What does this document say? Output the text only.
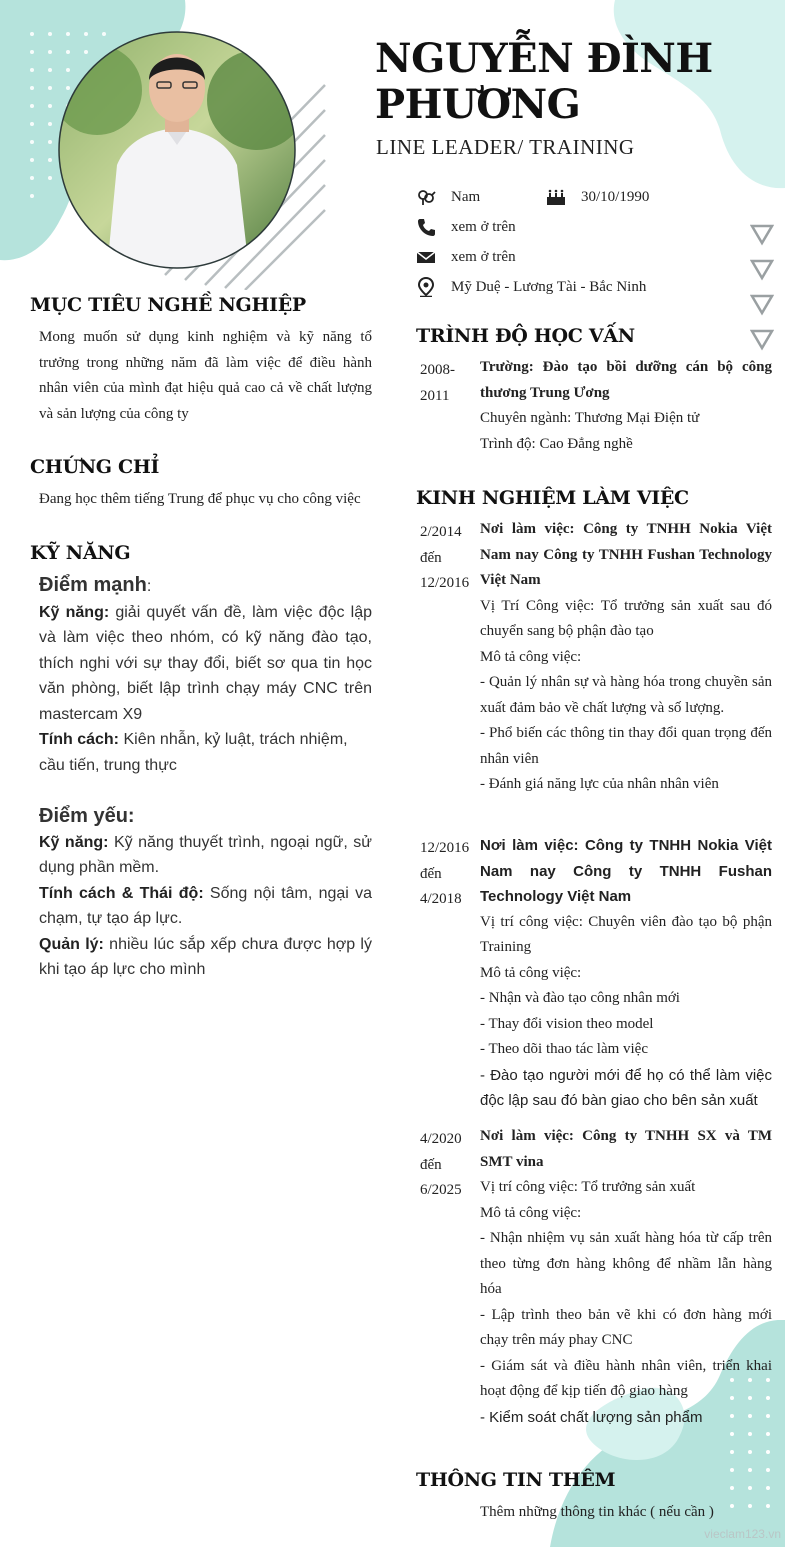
NGUYỄN ĐÌNH
PHƯƠNG
LINE LEADER/ TRAINING
Nam	30/10/1990
xem ở trên
xem ở trên
Mỹ Duệ - Lương Tài - Bắc Ninh
MỤC TIÊU NGHỀ NGHIỆP
Mong muốn sử dụng kinh nghiệm và kỹ năng tổ trưởng trong những năm đã làm việc để điều hành nhân viên của mình đạt hiệu quả cao cả về chất lượng và sản lượng của công ty
CHỨNG CHỈ
Đang học thêm tiếng Trung để phục vụ cho công việc
KỸ NĂNG
Điểm mạnh:
Kỹ năng: giải quyết vấn đề, làm việc độc lập và làm việc theo nhóm, có kỹ năng đào tạo, thích nghi với sự thay đổi, biết sơ qua tin học văn phòng, biết lập trình chạy máy CNC trên mastercam X9
Tính cách: Kiên nhẫn, kỷ luật, trách nhiệm,
cầu tiến, trung thực
Điểm yếu:
Kỹ năng: Kỹ năng thuyết trình, ngoại ngữ, sử dụng phần mềm.
Tính cách & Thái độ: Sống nội tâm, ngại va chạm, tự tạo áp lực.
Quản lý: nhiều lúc sắp xếp chưa được hợp lý khi tạo áp lực cho mình
TRÌNH ĐỘ HỌC VẤN
2008-
2011

Trường: Đào tạo bồi dưỡng cán bộ công thương Trung Ương

Chuyên ngành: Thương Mại Điện tử

Trình độ: Cao Đẳng nghề

KINH NGHIỆM LÀM VIỆC
2/2014
đến
12/2016

Nơi làm việc: Công ty TNHH Nokia Việt Nam nay Công ty TNHH Fushan Technology Việt Nam

Vị Trí Công việc: Tổ trưởng sản xuất sau đó chuyển sang bộ phận đào tạo

Mô tả công việc:

- Quản lý nhân sự và hàng hóa trong chuyền sản xuất đảm bảo về chất lượng và số lượng.

- Phổ biến các thông tin thay đổi quan trọng đến nhân viên

- Đánh giá năng lực của nhân nhân viên

12/2016
đến
4/2018

Nơi làm việc: Công ty TNHH Nokia Việt Nam nay Công ty TNHH Fushan Technology Việt Nam

Vị trí công việc: Chuyên viên đào tạo bộ phận Training

Mô tả công việc:

- Nhận và đào tạo công nhân mới

- Thay đổi vision theo model

- Theo dõi thao tác làm việc

- Đào tạo người mới để họ có thể làm việc độc lập sau đó bàn giao cho bên sản xuất

4/2020
đến
6/2025

Nơi làm việc: Công ty TNHH SX và TM SMT vina

Vị trí công việc: Tổ trưởng sản xuất

Mô tả công việc:

- Nhận nhiệm vụ sản xuất hàng hóa từ cấp trên theo từng đơn hàng không để nhầm lẫn hàng hóa

- Lập trình theo bản vẽ khi có đơn hàng mới chạy trên máy phay CNC

- Giám sát và điều hành nhân viên, triển khai hoạt động để kịp tiến độ giao hàng

- Kiểm soát chất lượng sản phẩm

THÔNG TIN THÊM
Thêm những thông tin khác ( nếu cần )
vieclam123.vn
